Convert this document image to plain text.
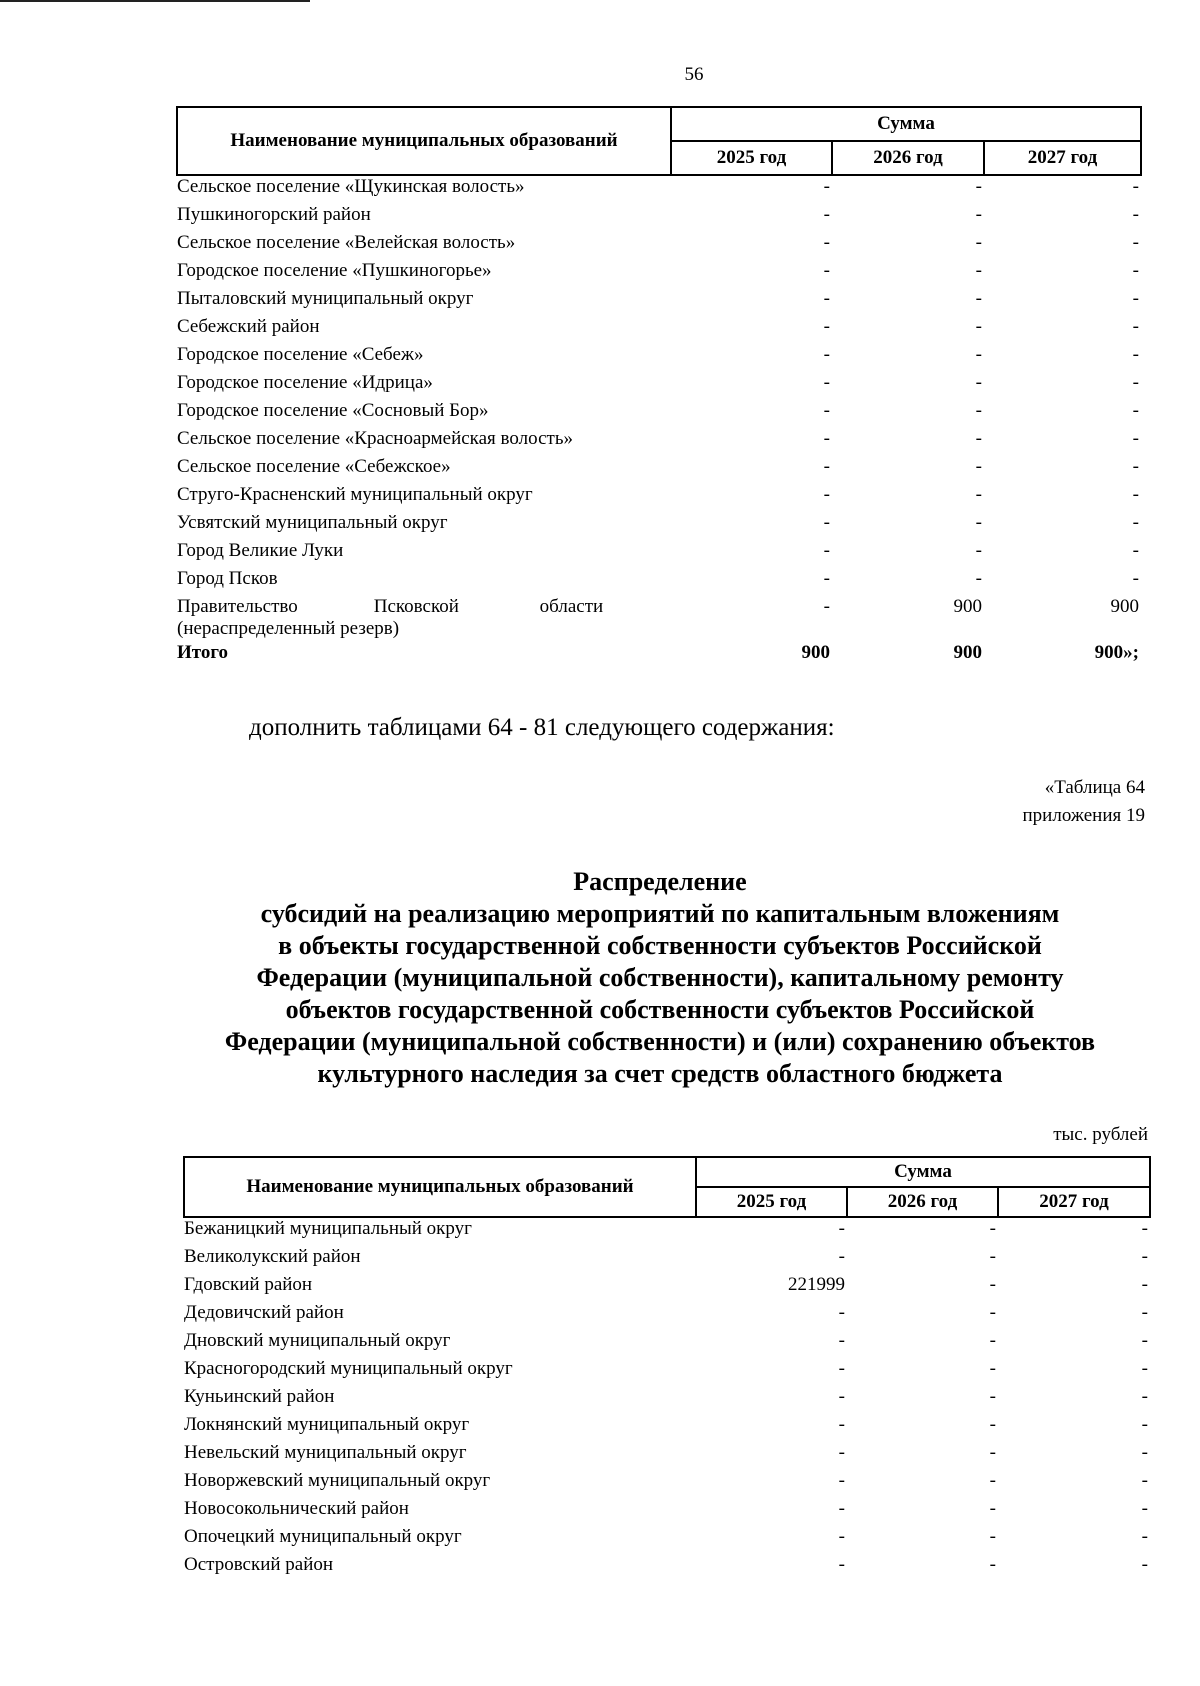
56
Наименование муниципальных образований	Сумма		
	2025 год	2026 год	2027 год
Сельское поселение «Щукинская волость»	-	-	-
Пушкиногорский район	-	-	-
Сельское поселение «Велейская волость»	-	-	-
Городское поселение «Пушкиногорье»	-	-	-
Пыталовский муниципальный округ	-	-	-
Себежский район	-	-	-
Городское поселение «Себеж»	-	-	-
Городское поселение «Идрица»	-	-	-
Городское поселение «Сосновый Бор»	-	-	-
Сельское поселение «Красноармейская волость»	-	-	-
Сельское поселение «Себежское»	-	-	-
Струго-Красненский муниципальный округ	-	-	-
Усвятский муниципальный округ	-	-	-
Город Великие Луки	-	-	-
Город Псков	-	-	-

Правительство                Псковской                 области
(нераспределенный резерв)	-	900	900
Итого	900	900	900»;
дополнить таблицами 64 - 81 следующего содержания:
«Таблица 64
приложения 19
Распределение
субсидий на реализацию мероприятий по капитальным вложениям
в объекты государственной собственности субъектов Российской
Федерации (муниципальной собственности), капитальному ремонту
объектов государственной собственности субъектов Российской
Федерации (муниципальной собственности) и (или) сохранению объектов
культурного наследия за счет средств областного бюджета
тыс. рублей
Наименование муниципальных образований	Сумма		
	2025 год	2026 год	2027 год
Бежаницкий муниципальный округ	-	-	-
Великолукский район	-	-	-
Гдовский район	221999	-	-
Дедовичский район	-	-	-
Дновский муниципальный округ	-	-	-
Красногородский муниципальный округ	-	-	-
Куньинский район	-	-	-
Локнянский муниципальный округ	-	-	-
Невельский муниципальный округ	-	-	-
Новоржевский муниципальный округ	-	-	-
Новосокольнический район	-	-	-
Опочецкий муниципальный округ	-	-	-
Островский район	-	-	-
